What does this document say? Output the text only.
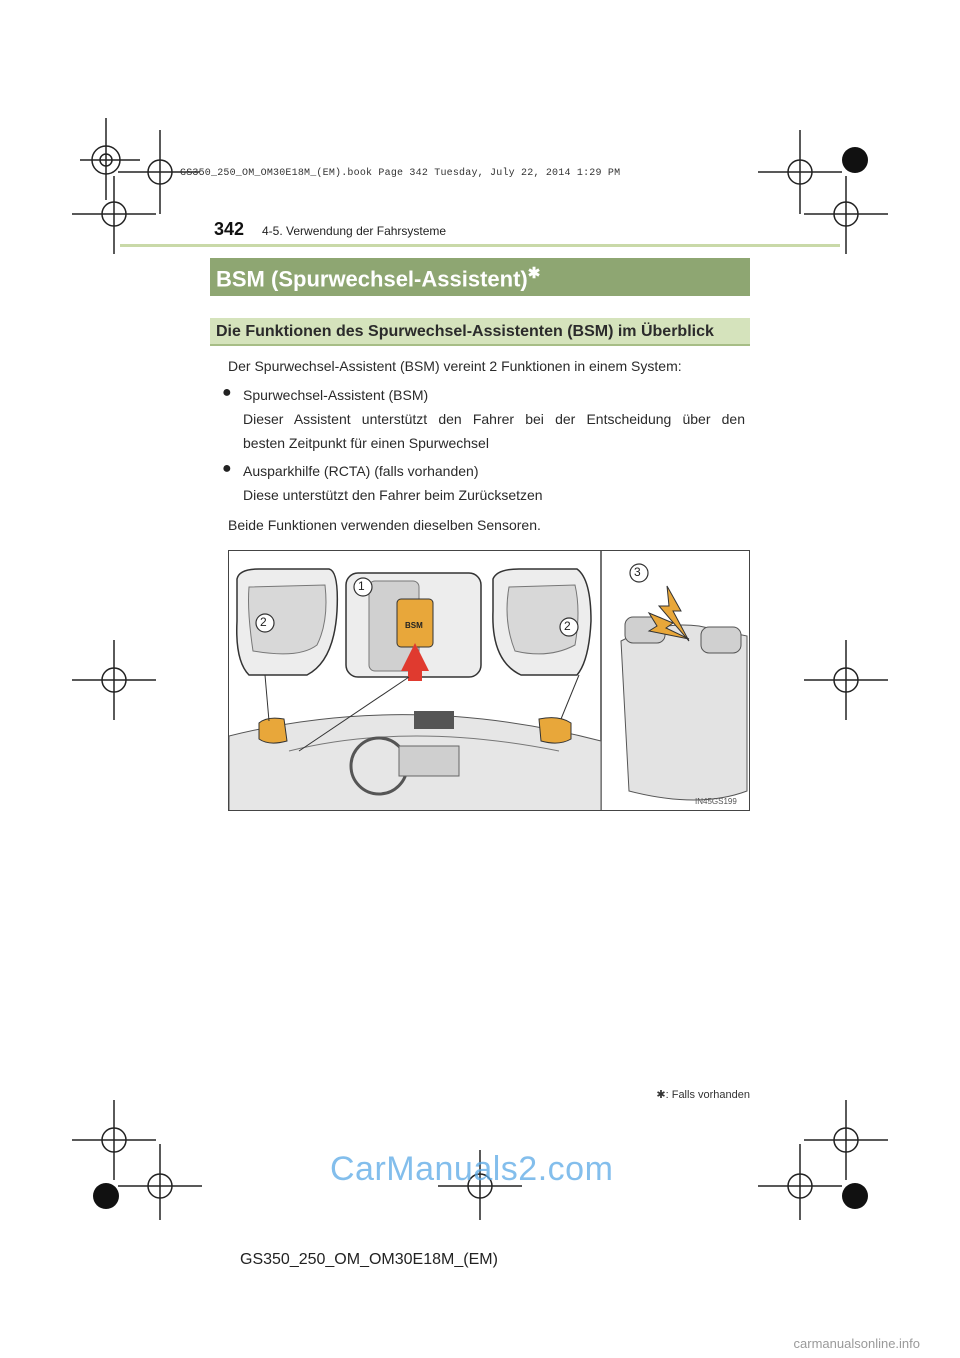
GS350_250_OM_OM30E18M_(EM).book Page 342 Tuesday, July 22, 2014 1:29 PM
342 4-5. Verwendung der Fahrsysteme
BSM (Spurwechsel-Assistent)✱
Die Funktionen des Spurwechsel-Assistenten (BSM) im Überblick
Der Spurwechsel-Assistent (BSM) vereint 2 Funktionen in einem System:
● Spurwechsel-Assistent (BSM)
Dieser Assistent unterstützt den Fahrer bei der Entscheidung über den
besten Zeitpunkt für einen Spurwechsel
● Ausparkhilfe (RCTA) (falls vorhanden)
Diese unterstützt den Fahrer beim Zurücksetzen
Beide Funktionen verwenden dieselben Sensoren.
1
2	2
3
BSM
IN45GS199
✱: Falls vorhanden
CarManuals2.com
GS350_250_OM_OM30E18M_(EM)
carmanualsonline.info
